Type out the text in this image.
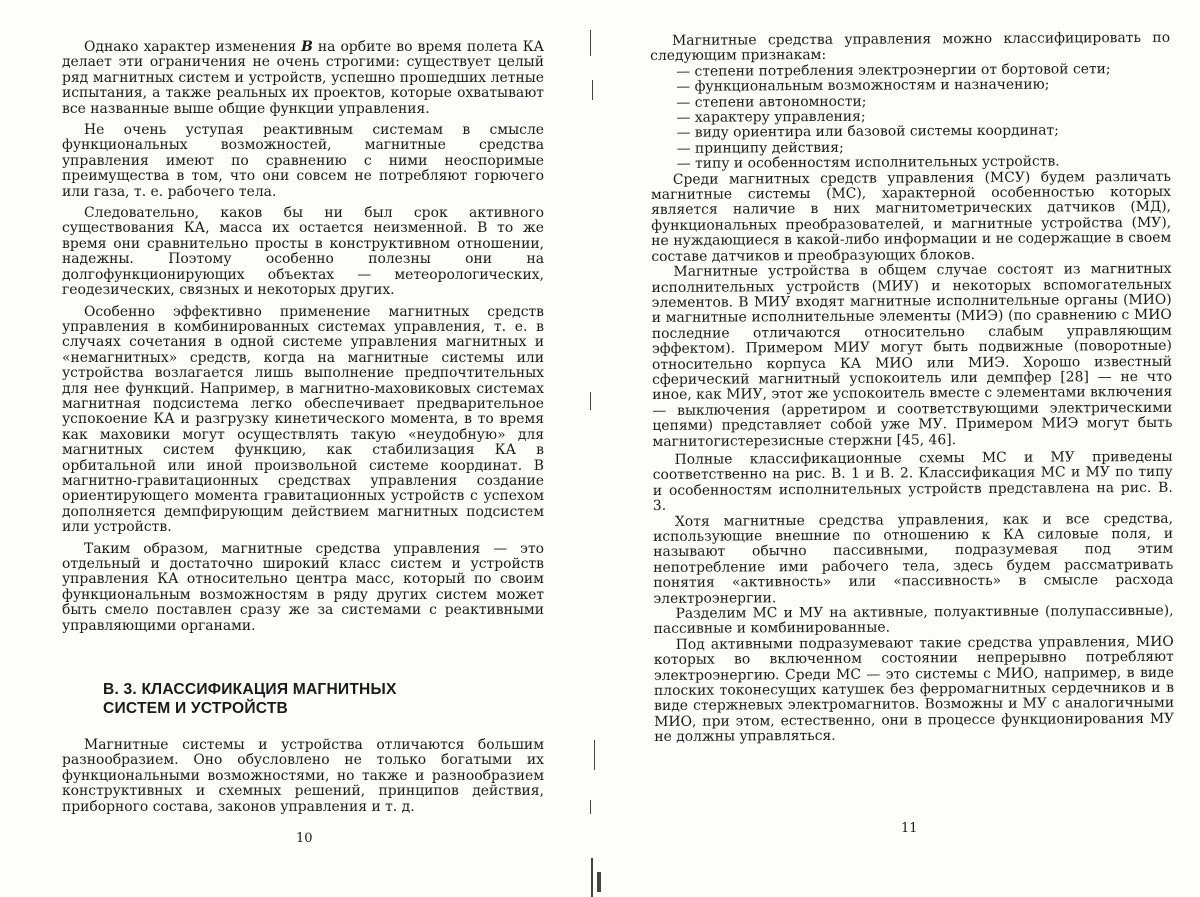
Однако характер изменения B на орбите во время полета КА делает эти ограничения не очень строгими: существует целый ряд магнитных систем и устройств, успешно прошедших летные испытания, а также реальных их проектов, которые охватывают все названные выше общие функции управления.

Не очень уступая реактивным системам в смысле функциональных возможностей, магнитные средства управления имеют по сравнению с ними неоспоримые преимущества в том, что они совсем не потребляют горючего или газа, т. е. рабочего тела.

Следовательно, каков бы ни был срок активного существования КА, масса их остается неизменной. В то же время они сравнительно просты в конструктивном отношении, надежны. Поэтому особенно полезны они на долгофункционирующих объектах — метеорологических, геодезических, связных и некоторых других.

Особенно эффективно применение магнитных средств управления в комбинированных системах управления, т. е. в случаях сочетания в одной системе управления магнитных и «немагнитных» средств, когда на магнитные системы или устройства возлагается лишь выполнение предпочтительных для нее функций. Например, в магнитно-маховиковых системах магнитная подсистема легко обеспечивает предварительное успокоение КА и разгрузку кинетического момента, в то время как маховики могут осуществлять такую «неудобную» для магнитных систем функцию, как стабилизация КА в орбитальной или иной произвольной системе координат. В магнитно-гравитационных средствах управления создание ориентирующего момента гравитационных устройств с успехом дополняется демпфирующим действием магнитных подсистем или устройств.

Таким образом, магнитные средства управления — это отдельный и достаточно широкий класс систем и устройств управления КА относительно центра масс, который по своим функциональным возможностям в ряду других систем может быть смело поставлен сразу же за системами с реактивными управляющими органами.

В. 3. КЛАССИФИКАЦИЯ МАГНИТНЫХ
СИСТЕМ И УСТРОЙСТВ

Магнитные системы и устройства отличаются большим разнообразием. Оно обусловлено не только богатыми их функциональными возможностями, но также и разнообразием конструктивных и схемных решений, принципов действия, приборного состава, законов управления и т. д.

10

Магнитные средства управления можно классифицировать по следующим признакам:

— степени потребления электроэнергии от бортовой сети;
— функциональным возможностям и назначению;
— степени автономности;
— характеру управления;
— виду ориентира или базовой системы координат;
— принципу действия;
— типу и особенностям исполнительных устройств.

Среди магнитных средств управления (МСУ) будем различать магнитные системы (МС), характерной особенностью которых является наличие в них магнитометрических датчиков (МД), функциональных преобразователей, и магнитные устройства (МУ), не нуждающиеся в какой-либо информации и не содержащие в своем составе датчиков и преобразующих блоков.

Магнитные устройства в общем случае состоят из магнитных исполнительных устройств (МИУ) и некоторых вспомогательных элементов. В МИУ входят магнитные исполнительные органы (МИО) и магнитные исполнительные элементы (МИЭ) (по сравнению с МИО последние отличаются относительно слабым управляющим эффектом). Примером МИУ могут быть подвижные (поворотные) относительно корпуса КА МИО или МИЭ. Хорошо известный сферический магнитный успокоитель или демпфер [28] — не что иное, как МИУ, этот же успокоитель вместе с элементами включения — выключения (арретиром и соответствующими электрическими цепями) представляет собой уже МУ. Примером МИЭ могут быть магнитогистерезисные стержни [45, 46].

Полные классификационные схемы МС и МУ приведены соответственно на рис. В. 1 и В. 2. Классификация МС и МУ по типу и особенностям исполнительных устройств представлена на рис. В. 3.

Хотя магнитные средства управления, как и все средства, использующие внешние по отношению к КА силовые поля, и называют обычно пассивными, подразумевая под этим непотребление ими рабочего тела, здесь будем рассматривать понятия «активность» или «пассивность» в смысле расхода электроэнергии.

Разделим МС и МУ на активные, полуактивные (полупассивные), пассивные и комбинированные.

Под активными подразумевают такие средства управления, МИО которых во включенном состоянии непрерывно потребляют электроэнергию. Среди МС — это системы с МИО, например, в виде плоских токонесущих катушек без ферромагнитных сердечников и в виде стержневых электромагнитов. Возможны и МУ с аналогичными МИО, при этом, естественно, они в процессе функционирования МУ не должны управляться.

11
